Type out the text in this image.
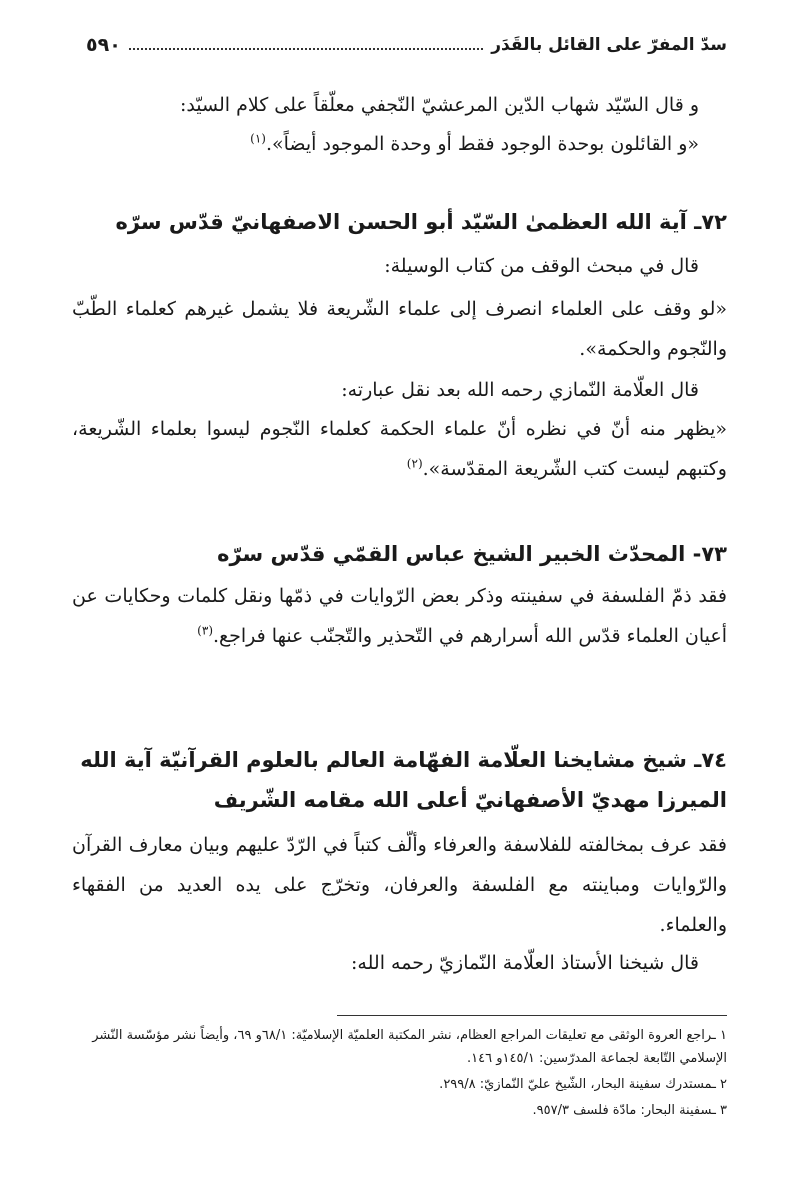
٥٩٠	سدّ المفرّ على القائل بالقَدَر
و قال السّيّد شهاب الدّين المرعشيّ النّجفي معلّقاً على كلام السيّد:
«و القائلون بوحدة الوجود فقط أو وحدة الموجود أيضاً».$^{(١)}$
٧٢ـ آية الله العظمیٰ السّيّد أبو الحسن الاصفهانيّ قدّس سرّه
قال في مبحث الوقف من كتاب الوسيلة:
«لو وقف على العلماء انصرف إلى علماء الشّريعة فلا يشمل غيرهم كعلماء الطّبّ والنّجوم والحكمة».
قال العلّامة النّمازي رحمه الله بعد نقل عبارته:
«يظهر منه أنّ في نظره أنّ علماء الحكمة كعلماء النّجوم ليسوا بعلماء الشّريعة، وكتبهم ليست كتب الشّريعة المقدّسة».$^{(٢)}$
٧٣- المحدّث الخبير الشيخ عباس القمّي قدّس سرّه
فقد ذمّ الفلسفة في سفينته وذكر بعض الرّوايات في ذمّها ونقل كلمات وحكايات عن أعيان العلماء قدّس الله أسرارهم في التّحذير والتّجنّب عنها فراجع.$^{(٣)}$
٧٤ـ شيخ مشايخنا العلّامة الفهّامة العالم بالعلوم القرآنيّة آية الله الميرزا مهديّ الأصفهانيّ أعلى الله مقامه الشّريف
فقد عرف بمخالفته للفلاسفة والعرفاء وألّف كتباً في الرّدّ عليهم وبيان معارف القرآن والرّوايات ومباينته مع الفلسفة والعرفان، وتخرّج على يده العديد من الفقهاء والعلماء.
قال شيخنا الأستاذ العلّامة النّمازيّ رحمه الله:
١ ـراجع العروة الوثقى مع تعليقات المراجع العظام، نشر المكتبة العلميّة الإسلاميّة: ٦٨/١و ٦٩، وأيضاً نشر مؤسّسة النّشر الإسلامي التّابعة لجماعة المدرّسين: ١٤٥/١و ١٤٦.
٢ ـمستدرك سفينة البحار، الشّيخ عليّ النّمازيّ: ٢٩٩/٨.
٣ ـسفينة البحار: مادّة فلسف ٩٥٧/٣.
